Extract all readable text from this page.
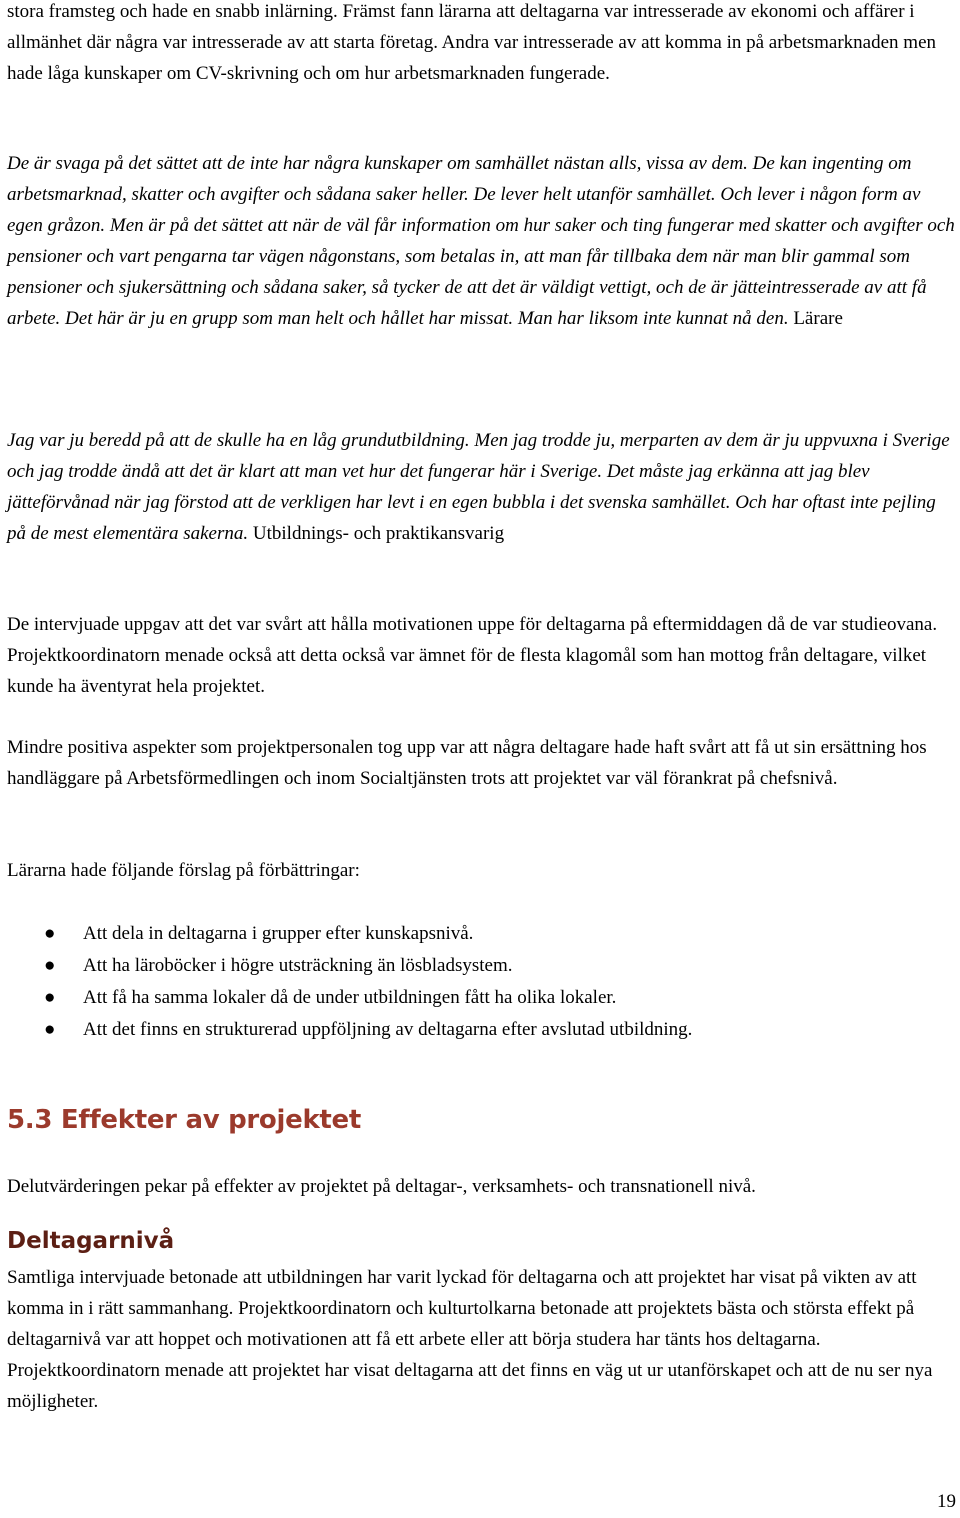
stora framsteg och hade en snabb inlärning. Främst fann lärarna att deltagarna var intresserade av ekonomi och affärer i allmänhet där några var intresserade av att starta företag. Andra var intresserade av att komma in på arbetsmarknaden men hade låga kunskaper om CV-skrivning och om hur arbetsmarknaden fungerade.

De är svaga på det sättet att de inte har några kunskaper om samhället nästan alls, vissa av dem. De kan ingenting om arbetsmarknad, skatter och avgifter och sådana saker heller. De lever helt utanför samhället. Och lever i någon form av egen gråzon. Men är på det sättet att när de väl får information om hur saker och ting fungerar med skatter och avgifter och pensioner och vart pengarna tar vägen någonstans, som betalas in, att man får tillbaka dem när man blir gammal som pensioner och sjukersättning och sådana saker, så tycker de att det är väldigt vettigt, och de är jätteintresserade av att få arbete. Det här är ju en grupp som man helt och hållet har missat. Man har liksom inte kunnat nå den. Lärare

Jag var ju beredd på att de skulle ha en låg grundutbildning. Men jag trodde ju, merparten av dem är ju uppvuxna i Sverige och jag trodde ändå att det är klart att man vet hur det fungerar här i Sverige. Det måste jag erkänna att jag blev jätteförvånad när jag förstod att de verkligen har levt i en egen bubbla i det svenska samhället. Och har oftast inte pejling på de mest elementära sakerna. Utbildnings- och praktikansvarig

De intervjuade uppgav att det var svårt att hålla motivationen uppe för deltagarna på eftermiddagen då de var studieovana. Projektkoordinatorn menade också att detta också var ämnet för de flesta klagomål som han mottog från deltagare, vilket kunde ha äventyrat hela projektet.

Mindre positiva aspekter som projektpersonalen tog upp var att några deltagare hade haft svårt att få ut sin ersättning hos handläggare på Arbetsförmedlingen och inom Socialtjänsten trots att projektet var väl förankrat på chefsnivå.

Lärarna hade följande förslag på förbättringar:

● Att dela in deltagarna i grupper efter kunskapsnivå.
● Att ha läroböcker i högre utsträckning än lösbladsystem.
● Att få ha samma lokaler då de under utbildningen fått ha olika lokaler.
● Att det finns en strukturerad uppföljning av deltagarna efter avslutad utbildning.
5.3 Effekter av projektet

Delutvärderingen pekar på effekter av projektet på deltagar-, verksamhets- och transnationell nivå.

Deltagarnivå

Samtliga intervjuade betonade att utbildningen har varit lyckad för deltagarna och att projektet har visat på vikten av att komma in i rätt sammanhang. Projektkoordinatorn och kulturtolkarna betonade att projektets bästa och största effekt på deltagarnivå var att hoppet och motivationen att få ett arbete eller att börja studera har tänts hos deltagarna. Projektkoordinatorn menade att projektet har visat deltagarna att det finns en väg ut ur utanförskapet och att de nu ser nya möjligheter.

19
